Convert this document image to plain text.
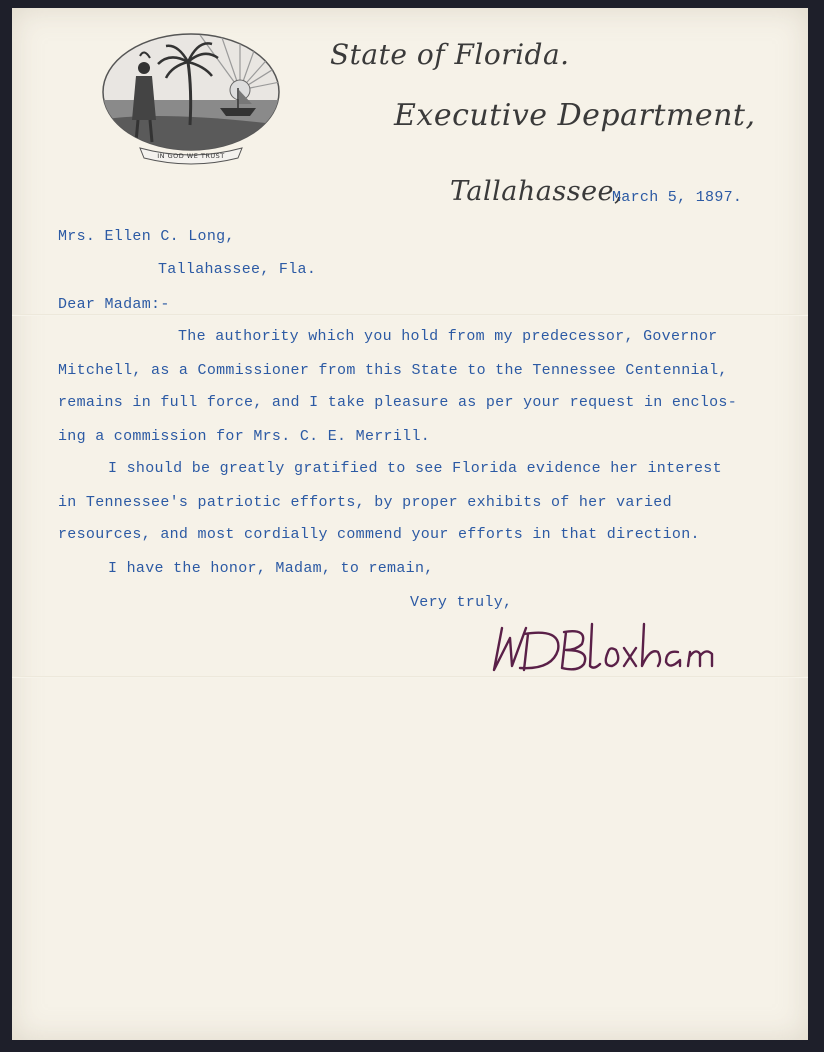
IN GOD WE TRUST
State of Florida.
Executive Department,
Tallahassee,
March 5, 1897.
Mrs. Ellen C. Long,
Tallahassee, Fla.
Dear Madam:-
The authority which you hold from my predecessor, Governor
Mitchell, as a Commissioner from this State to the Tennessee Centennial,
remains in full force, and I take pleasure as per your request in enclos-
ing a commission for Mrs. C. E. Merrill.
I should be greatly gratified to see Florida evidence her interest
in Tennessee's patriotic efforts, by proper exhibits of her varied
resources, and most cordially commend your efforts in that direction.
I have the honor, Madam, to remain,
Very truly,
